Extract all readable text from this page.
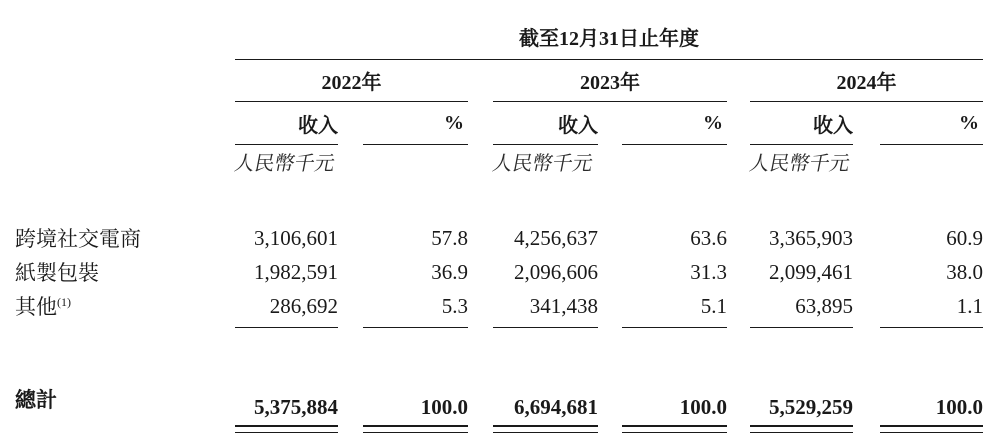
	截至12月31日止年度										
	2022年				2023年				2024年		
	收入		%		收入		%		收入		%
	人民幣千元				人民幣千元				人民幣千元		

跨境社交電商	3,106,601		57.8		4,256,637		63.6		3,365,903		60.9
紙製包裝	1,982,591		36.9		2,096,606		31.3		2,099,461		38.0
其他$^{(1)}$	286,692		5.3		341,438		5.1		63,895		1.1

總計	5,375,884		100.0		6,694,681		100.0		5,529,259		100.0
